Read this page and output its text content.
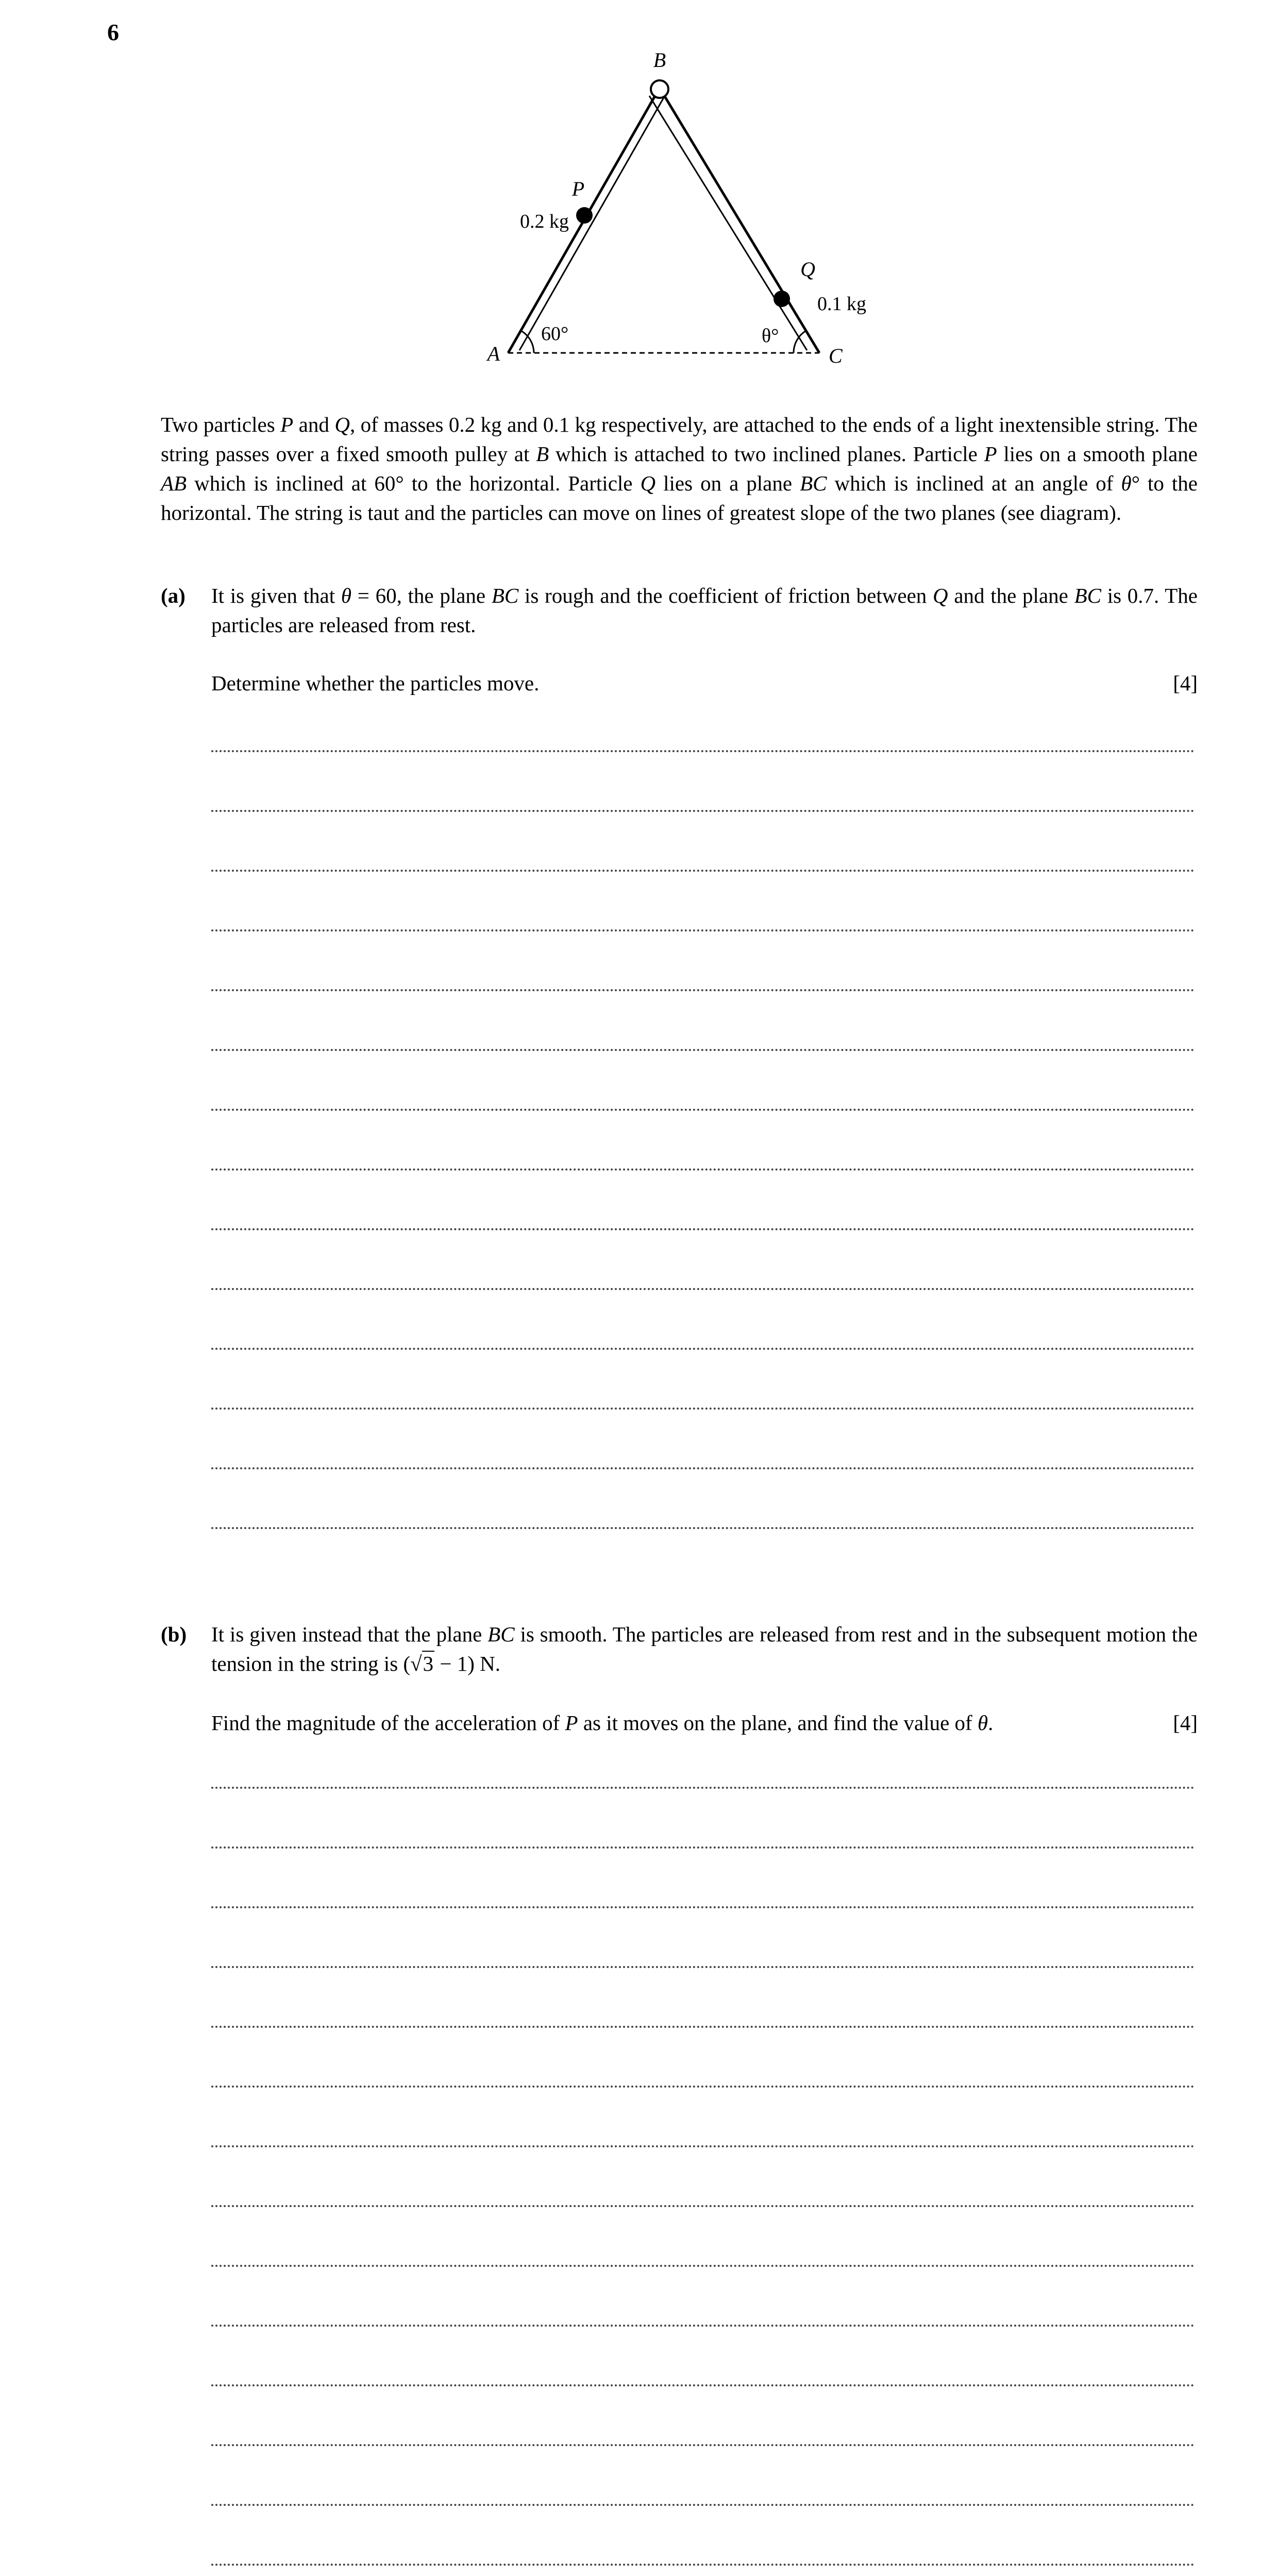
6
B
P
0.2 kg
Q
0.1 kg
A	C
60°	θ°
Two particles P and Q, of masses 0.2 kg and 0.1 kg respectively, are attached to the ends of a light inextensible string. The string passes over a fixed smooth pulley at B which is attached to two inclined planes. Particle P lies on a smooth plane AB which is inclined at 60° to the horizontal. Particle Q lies on a plane BC which is inclined at an angle of θ° to the horizontal. The string is taut and the particles can move on lines of greatest slope of the two planes (see diagram).
(a) It is given that θ = 60, the plane BC is rough and the coefficient of friction between Q and the plane BC is 0.7. The particles are released from rest.
Determine whether the particles move.	[4]
(b) It is given instead that the plane BC is smooth. The particles are released from rest and in the subsequent motion the tension in the string is (√3 − 1) N.
Find the magnitude of the acceleration of P as it moves on the plane, and find the value of θ.	[4]
